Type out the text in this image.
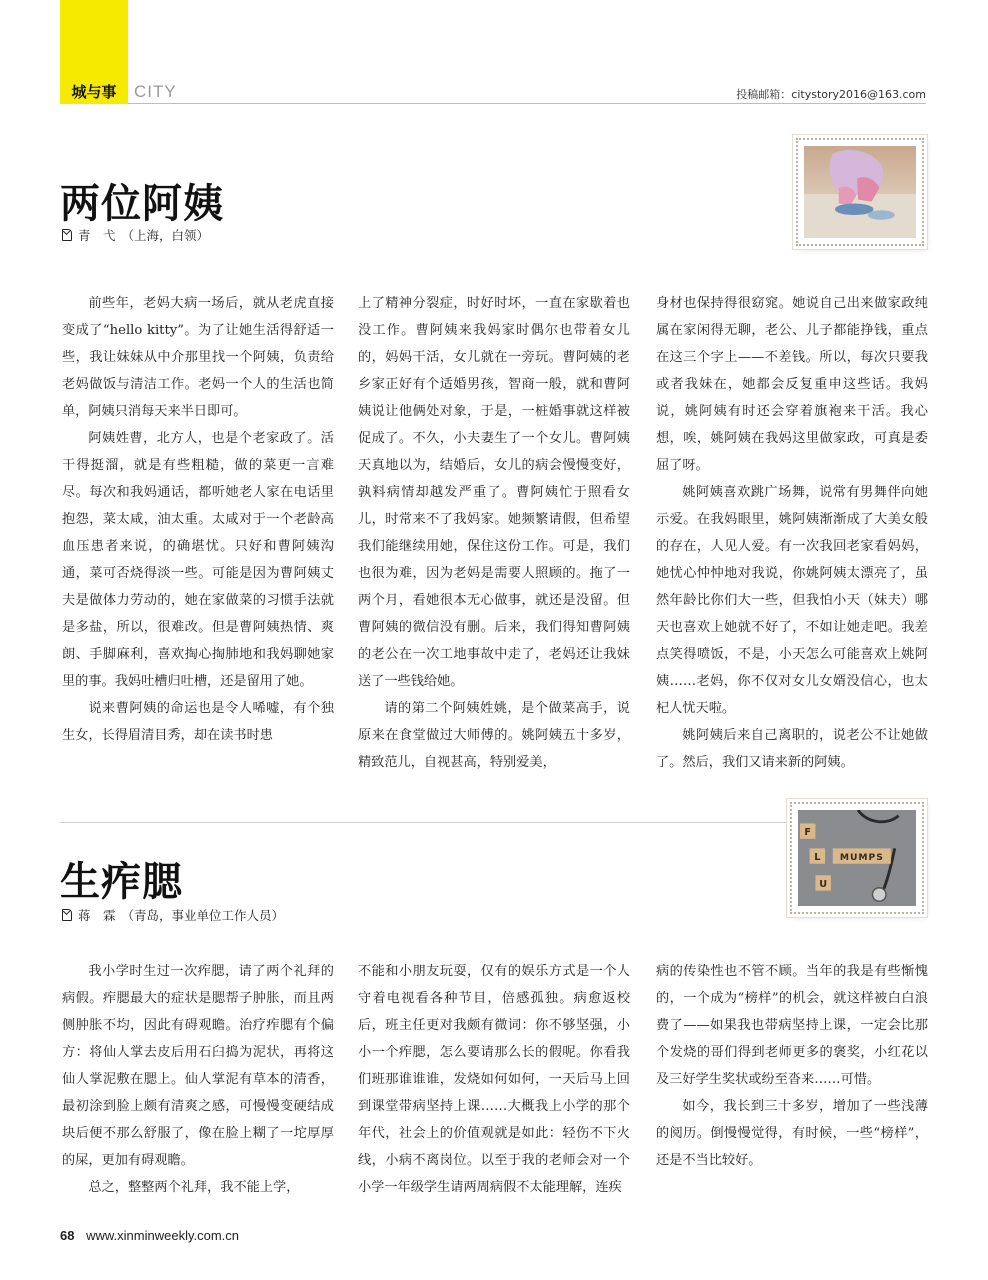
城与事	CITY	投稿邮箱：citystory2016@163.com
两位阿姨
青　弋 （上海，白领）

前些年，老妈大病一场后，就从老虎直接变成了“hello kitty”。为了让她生活得舒适一些，我让妹妹从中介那里找一个阿姨，负责给老妈做饭与清洁工作。老妈一个人的生活也简单，阿姨只消每天来半日即可。

阿姨姓曹，北方人，也是个老家政了。活干得挺溜，就是有些粗糙，做的菜更一言难尽。每次和我妈通话，都听她老人家在电话里抱怨，菜太咸，油太重。太咸对于一个老龄高血压患者来说，的确堪忧。只好和曹阿姨沟通，菜可否烧得淡一些。可能是因为曹阿姨丈夫是做体力劳动的，她在家做菜的习惯手法就是多盐，所以，很难改。但是曹阿姨热情、爽朗、手脚麻利，喜欢掏心掏肺地和我妈聊她家里的事。我妈吐槽归吐槽，还是留用了她。

说来曹阿姨的命运也是令人唏嘘，有个独生女，长得眉清目秀，却在读书时患

上了精神分裂症，时好时坏，一直在家歇着也没工作。曹阿姨来我妈家时偶尔也带着女儿的，妈妈干活，女儿就在一旁玩。曹阿姨的老乡家正好有个适婚男孩，智商一般，就和曹阿姨说让他俩处对象，于是，一桩婚事就这样被促成了。不久，小夫妻生了一个女儿。曹阿姨天真地以为，结婚后，女儿的病会慢慢变好，孰料病情却越发严重了。曹阿姨忙于照看女儿，时常来不了我妈家。她频繁请假，但希望我们能继续用她，保住这份工作。可是，我们也很为难，因为老妈是需要人照顾的。拖了一两个月，看她很本无心做事，就还是没留。但曹阿姨的微信没有删。后来，我们得知曹阿姨的老公在一次工地事故中走了，老妈还让我妹送了一些钱给她。

请的第二个阿姨姓姚，是个做菜高手，说原来在食堂做过大师傅的。姚阿姨五十多岁，精致范儿，自视甚高，特别爱美，

身材也保持得很窈窕。她说自己出来做家政纯属在家闲得无聊，老公、儿子都能挣钱，重点在这三个字上——不差钱。所以，每次只要我或者我妹在，她都会反复重申这些话。我妈说，姚阿姨有时还会穿着旗袍来干活。我心想，唉，姚阿姨在我妈这里做家政，可真是委屈了呀。

姚阿姨喜欢跳广场舞，说常有男舞伴向她示爱。在我妈眼里，姚阿姨渐渐成了大美女般的存在，人见人爱。有一次我回老家看妈妈，她忧心忡忡地对我说，你姚阿姨太漂亮了，虽然年龄比你们大一些，但我怕小天（妹夫）哪天也喜欢上她就不好了，不如让她走吧。我差点笑得喷饭，不是，小天怎么可能喜欢上姚阿姨……老妈，你不仅对女儿女婿没信心，也太杞人忧天啦。

姚阿姨后来自己离职的，说老公不让她做了。然后，我们又请来新的阿姨。

生痄腮
蒋　霖 （青岛，事业单位工作人员）
F
L
U
MUMPS

我小学时生过一次痄腮，请了两个礼拜的病假。痄腮最大的症状是腮帮子肿胀，而且两侧肿胀不均，因此有碍观瞻。治疗痄腮有个偏方：将仙人掌去皮后用石臼捣为泥状，再将这仙人掌泥敷在腮上。仙人掌泥有草本的清香，最初涂到脸上颇有清爽之感，可慢慢变硬结成块后便不那么舒服了，像在脸上糊了一坨厚厚的屎，更加有碍观瞻。

总之，整整两个礼拜，我不能上学，

不能和小朋友玩耍，仅有的娱乐方式是一个人守着电视看各种节目，倍感孤独。病愈返校后，班主任更对我颇有微词：你不够坚强，小小一个痄腮，怎么要请那么长的假呢。你看我们班那谁谁谁，发烧如何如何，一天后马上回到课堂带病坚持上课……大概我上小学的那个年代，社会上的价值观就是如此：轻伤不下火线，小病不离岗位。以至于我的老师会对一个小学一年级学生请两周病假不太能理解，连疾

病的传染性也不管不顾。当年的我是有些惭愧的，一个成为“榜样”的机会，就这样被白白浪费了——如果我也带病坚持上课，一定会比那个发烧的哥们得到老师更多的褒奖，小红花以及三好学生奖状或纷至沓来……可惜。

如今，我长到三十多岁，增加了一些浅薄的阅历。倒慢慢觉得，有时候，一些“榜样”，还是不当比较好。

68 www.xinminweekly.com.cn
